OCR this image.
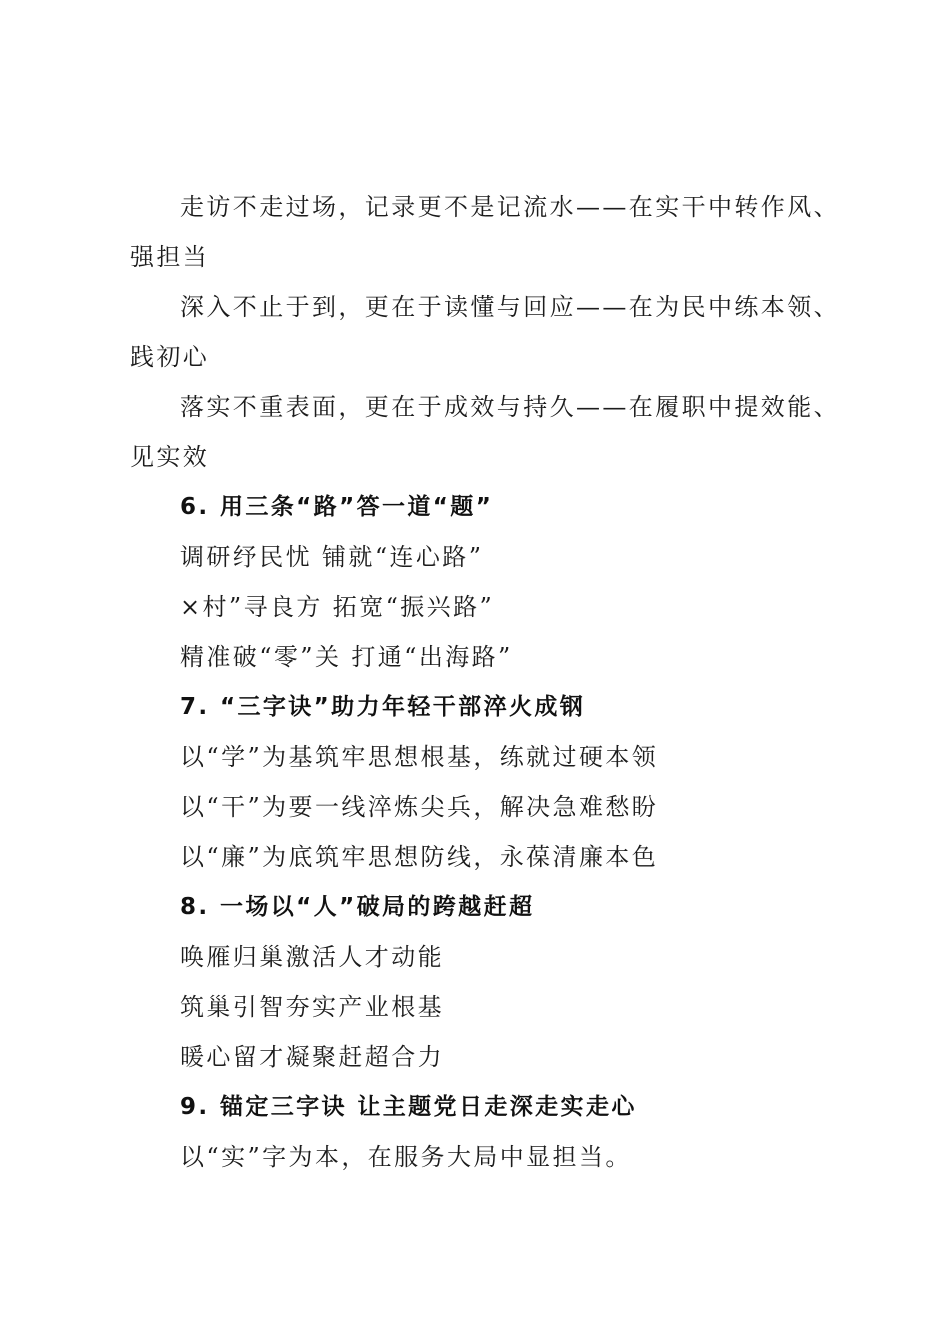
走访不走过场，记录更不是记流水——在实干中转作风、

强担当

深入不止于到，更在于读懂与回应——在为民中练本领、

践初心

落实不重表面，更在于成效与持久——在履职中提效能、

见实效

6. 用三条“路”答一道“题”

调研纾民忧 铺就“连心路”

×村”寻良方 拓宽“振兴路”

精准破“零”关 打通“出海路”

7. “三字诀”助力年轻干部淬火成钢

以“学”为基筑牢思想根基，练就过硬本领

以“干”为要一线淬炼尖兵，解决急难愁盼

以“廉”为底筑牢思想防线，永葆清廉本色

8. 一场以“人”破局的跨越赶超

唤雁归巢激活人才动能

筑巢引智夯实产业根基

暖心留才凝聚赶超合力

9. 锚定三字诀 让主题党日走深走实走心

以“实”字为本，在服务大局中显担当。
